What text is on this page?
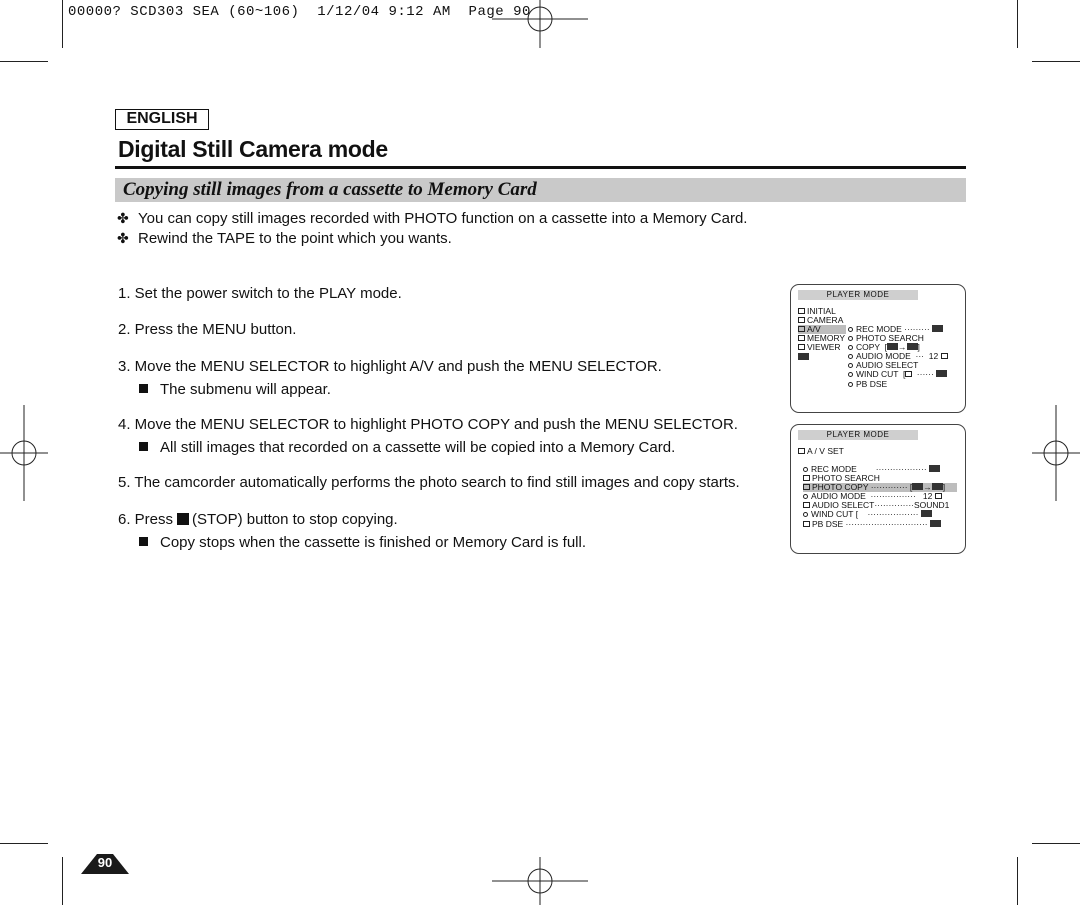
00000? SCD303 SEA (60~106)  1/12/04 9:12 AM  Page 90
ENGLISH
Digital Still Camera mode
Copying still images from a cassette to Memory Card
✤ You can copy still images recorded with PHOTO function on a cassette into a Memory Card.
✤ Rewind the TAPE to the point which you wants.

1. Set the power switch to the PLAY mode.

2. Press the MENU button.

3. Move the MENU SELECTOR to highlight A/V and push the MENU SELECTOR.

The submenu will appear.

4. Move the MENU SELECTOR to highlight PHOTO COPY and push the MENU SELECTOR.

All still images that recorded on a cassette will be copied into a Memory Card.

5. The camcorder automatically performs the photo search to find still images and copy starts.

6. Press (STOP) button to stop copying.

Copy stops when the cassette is finished or Memory Card is full.

PLAYER MODE
INITIAL
CAMERA
A/V
MEMORY
VIEWER
REC MODE ·········
PHOTO SEARCH
COPY  [ → ]
AUDIO MODE  ···  12
AUDIO SELECT
WIND CUT  [ ······
PB DSE
PLAYER MODE
A / V SET
REC MODE        ··················
PHOTO SEARCH
PHOTO COPY ············· [ → ]
AUDIO MODE  ················   12
AUDIO SELECT··············SOUND1
WIND CUT [    ··················
PB DSE ·····························
90
